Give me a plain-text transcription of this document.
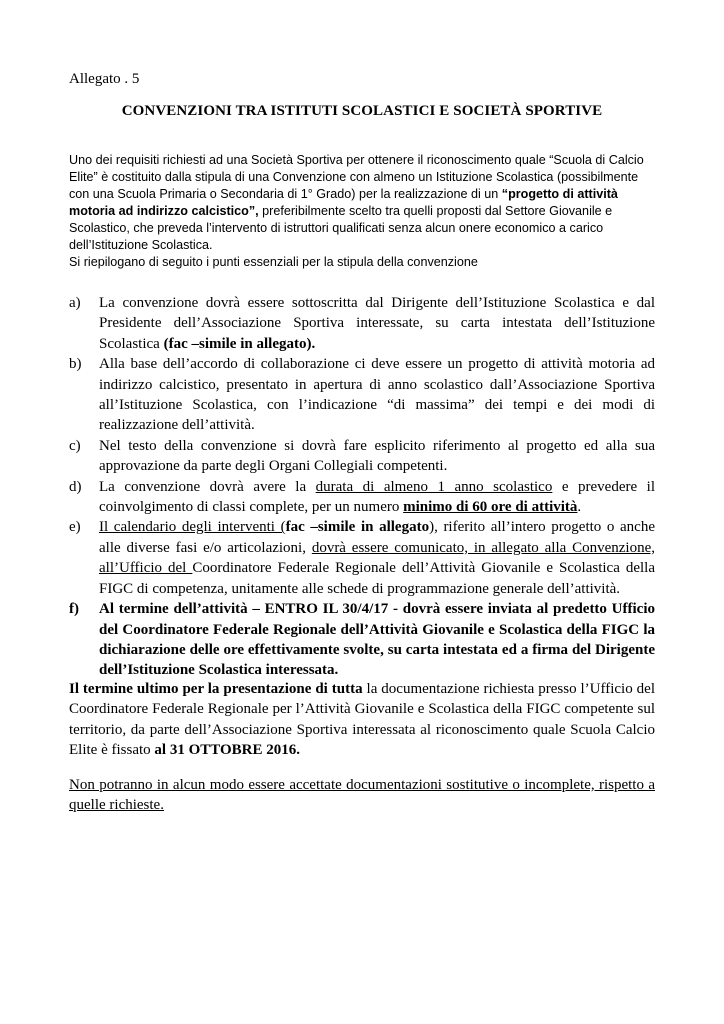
Allegato . 5
CONVENZIONI TRA ISTITUTI SCOLASTICI E SOCIETÀ SPORTIVE

Uno dei requisiti richiesti ad una Società Sportiva per ottenere il riconoscimento quale “Scuola di Calcio Elite” è costituito dalla stipula di una Convenzione con almeno un Istituzione Scolastica (possibilmente con una Scuola Primaria o Secondaria di 1° Grado) per la realizzazione di un “progetto di attività motoria ad indirizzo calcistico”, preferibilmente scelto tra quelli proposti dal Settore Giovanile e Scolastico, che preveda l’intervento di istruttori qualificati senza alcun onere economico a carico dell’Istituzione Scolastica.

Si riepilogano di seguito i punti essenziali per la stipula della convenzione

a) La convenzione dovrà essere sottoscritta dal Dirigente dell’Istituzione Scolastica e dal Presidente dell’Associazione Sportiva interessate, su carta intestata dell’Istituzione Scolastica (fac –simile in allegato).
b) Alla base dell’accordo di collaborazione ci deve essere un progetto di attività motoria ad indirizzo calcistico, presentato in apertura di anno scolastico dall’Associazione Sportiva all’Istituzione Scolastica, con l’indicazione “di massima” dei tempi e dei modi di realizzazione dell’attività.
c) Nel testo della convenzione si dovrà fare esplicito riferimento al progetto ed alla sua approvazione da parte degli Organi Collegiali competenti.
d) La convenzione dovrà avere la durata di almeno 1 anno scolastico e prevedere il coinvolgimento di classi complete, per un numero minimo di 60 ore di attività.
e) Il calendario degli interventi (fac –simile in allegato), riferito all’intero progetto o anche alle diverse fasi e/o articolazioni, dovrà essere comunicato, in allegato alla Convenzione, all’Ufficio del Coordinatore Federale Regionale dell’Attività Giovanile e Scolastica della FIGC di competenza, unitamente alle schede di programmazione generale dell’attività.
f) Al termine dell’attività – ENTRO IL 30/4/17 - dovrà essere inviata al predetto Ufficio del Coordinatore Federale Regionale dell’Attività Giovanile e Scolastica della FIGC la dichiarazione delle ore effettivamente svolte, su carta intestata ed a firma del Dirigente dell’Istituzione Scolastica interessata.
Il termine ultimo per la presentazione di tutta la documentazione richiesta presso l’Ufficio del Coordinatore Federale Regionale per l’Attività Giovanile e Scolastica della FIGC competente sul territorio, da parte dell’Associazione Sportiva interessata al riconoscimento quale Scuola Calcio Elite è fissato al 31 OTTOBRE 2016.
Non potranno in alcun modo essere accettate documentazioni sostitutive o incomplete, rispetto a quelle richieste.
